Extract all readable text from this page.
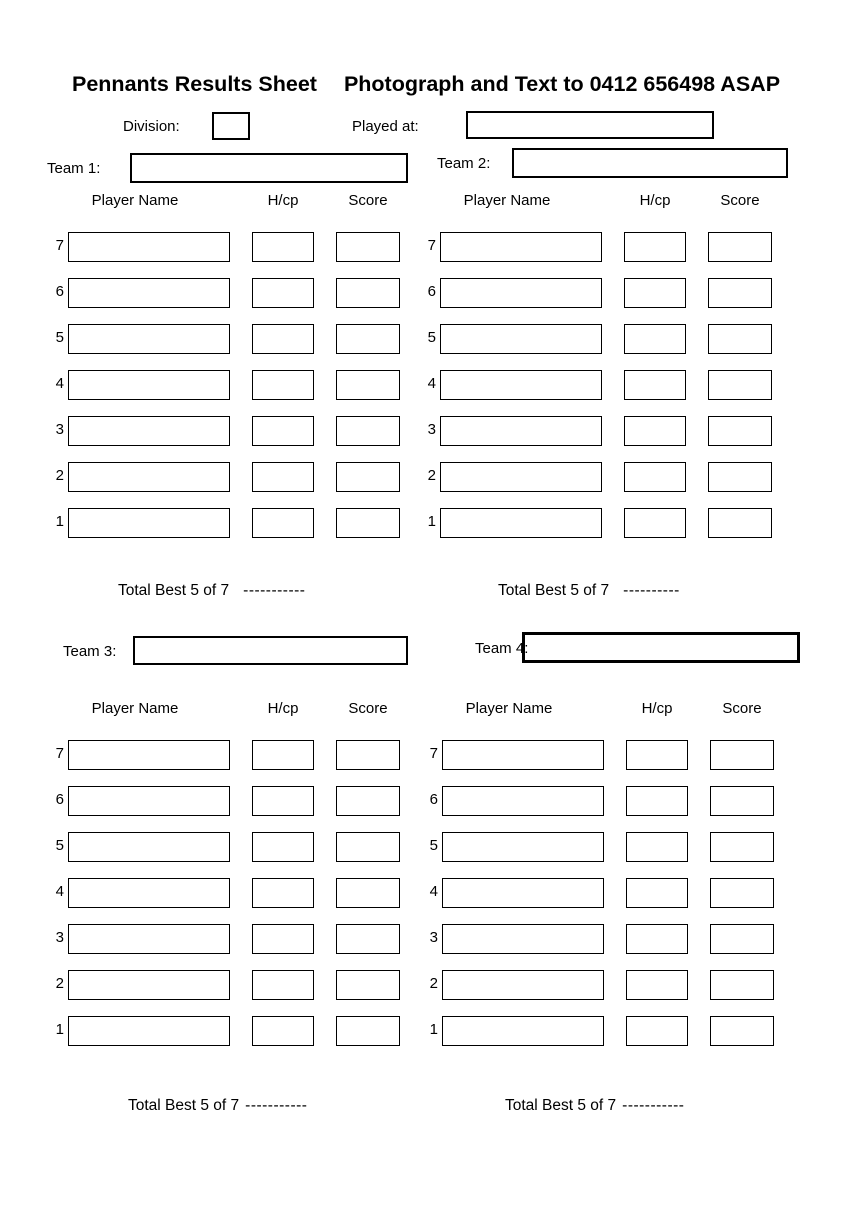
Pennants Results Sheet Photograph and Text to 0412 656498 ASAP
Division:	Played at:
Team 1:	Team 2:
Player Name	H/cp	Score
7
6
5
4
3
2
1
Player Name	H/cp	Score
7
6
5
4
3
2
1
Total Best 5 of 7 -----------	Total Best 5 of 7 ----------
Team 3:	Team 4:
Player Name	H/cp	Score
7
6
5
4
3
2
1
Player Name	H/cp	Score
7
6
5
4
3
2
1
Total Best 5 of 7 -----------	Total Best 5 of 7 -----------
